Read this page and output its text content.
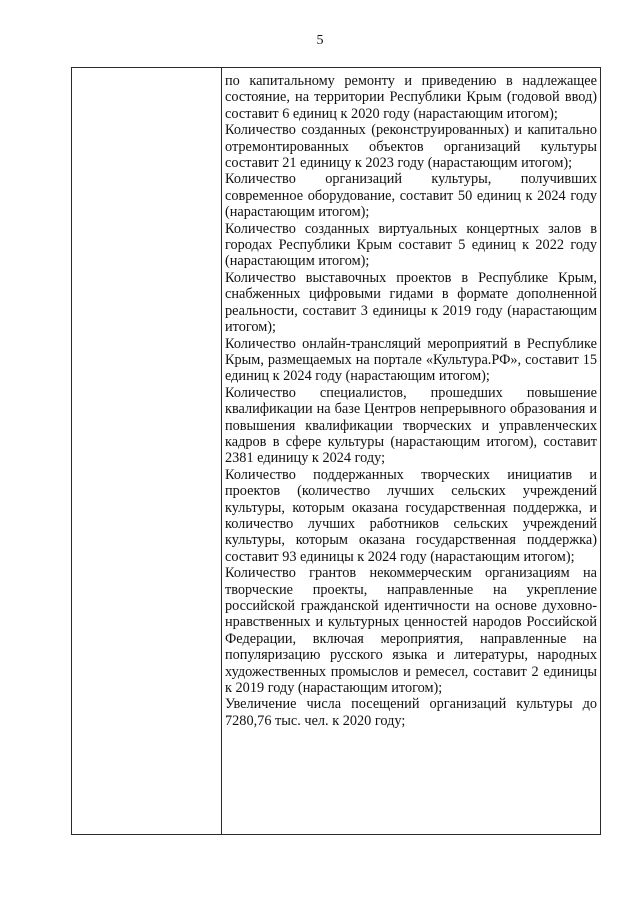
5
по капитальному ремонту и приведению в надлежащее состояние, на территории Республики Крым (годовой ввод) составит 6 единиц к 2020 году (нарастающим итогом);
Количество созданных (реконструированных) и капитально отремонтированных объектов организаций культуры составит 21 единицу к 2023 году (нарастающим итогом);
Количество организаций культуры, получивших современное оборудование, составит 50 единиц к 2024 году (нарастающим итогом);
Количество созданных виртуальных концертных залов в городах Республики Крым составит 5 единиц к 2022 году (нарастающим итогом);
Количество выставочных проектов в Республике Крым, снабженных цифровыми гидами в формате дополненной реальности, составит 3 единицы к 2019 году (нарастающим итогом);
Количество онлайн-трансляций мероприятий в Республике Крым, размещаемых на портале «Культура.РФ», составит 15 единиц к 2024 году (нарастающим итогом);
Количество специалистов, прошедших повышение квалификации на базе Центров непрерывного образования и повышения квалификации творческих и управленческих кадров в сфере культуры (нарастающим итогом), составит 2381 единицу к 2024 году;
Количество поддержанных творческих инициатив и проектов (количество лучших сельских учреждений культуры, которым оказана государственная поддержка, и количество лучших работников сельских учреждений культуры, которым оказана государственная поддержка) составит 93 единицы к 2024 году (нарастающим итогом);
Количество грантов некоммерческим организациям на творческие проекты, направленные на укрепление российской гражданской идентичности на основе духовно-нравственных и культурных ценностей народов Российской Федерации, включая мероприятия, направленные на популяризацию русского языка и литературы, народных художественных промыслов и ремесел, составит 2 единицы к 2019 году (нарастающим итогом);
Увеличение числа посещений организаций культуры до 7280,76 тыс. чел. к 2020 году;
